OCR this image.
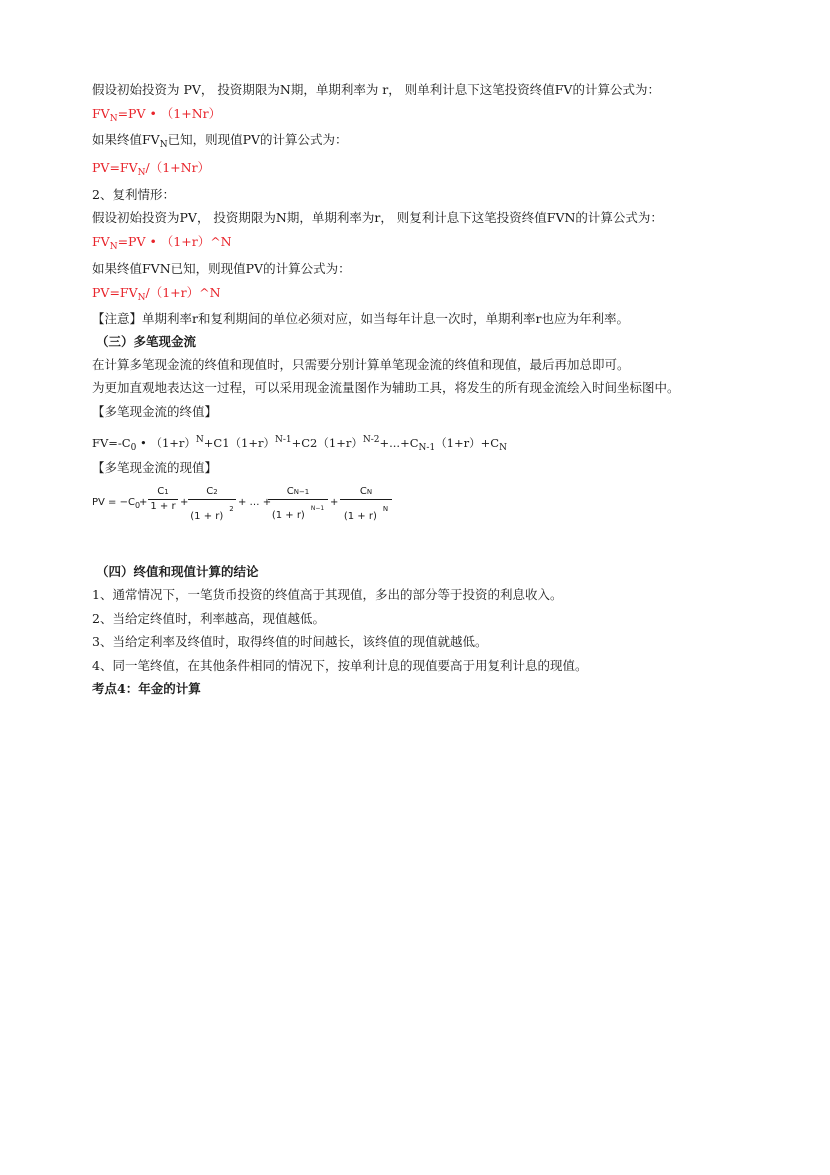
假设初始投资为 PV， 投资期限为N期，单期利率为 r， 则单利计息下这笔投资终值FV的计算公式为：
$FV_N=PV$ • （1+Nr）
如果终值$FV_N$已知，则现值PV的计算公式为：
$PV=FV_N/(1+Nr)$
2、复利情形：
假设初始投资为PV， 投资期限为N期，单期利率为r， 则复利计息下这笔投资终值FVN的计算公式为：
$FV_N=PV$ • （1+r）^N
如果终值FVN已知，则现值PV的计算公式为：
$PV=FV_N/(1+r)\^{}N$
【注意】单期利率r和复利期间的单位必须对应，如当每年计息一次时，单期利率r也应为年利率。
（三）多笔现金流
在计算多笔现金流的终值和现值时，只需要分别计算单笔现金流的终值和现值，最后再加总即可。
为更加直观地表达这一过程，可以采用现金流量图作为辅助工具，将发生的所有现金流绘入时间坐标图中。
【多笔现金流的终值】
$FV=-C_0$ • $(1+r)^N+C1(1+r)^{N-1}+C2(1+r)^{N-2}+...+C_{N-1}(1+r)+C_N$
【多笔现金流的现值】
PV = $-C_0$
+
C1
1 + r +
C2
$(1 + r)^2$
+ … +
CN−1
$(1 + r)^{N-1}$
+
CN
$(1 + r)^N$
（四）终值和现值计算的结论
1、通常情况下，一笔货币投资的终值高于其现值，多出的部分等于投资的利息收入。
2、当给定终值时，利率越高，现值越低。
3、当给定利率及终值时，取得终值的时间越长，该终值的现值就越低。
4、同一笔终值，在其他条件相同的情况下，按单利计息的现值要高于用复利计息的现值。
考点4：年金的计算
